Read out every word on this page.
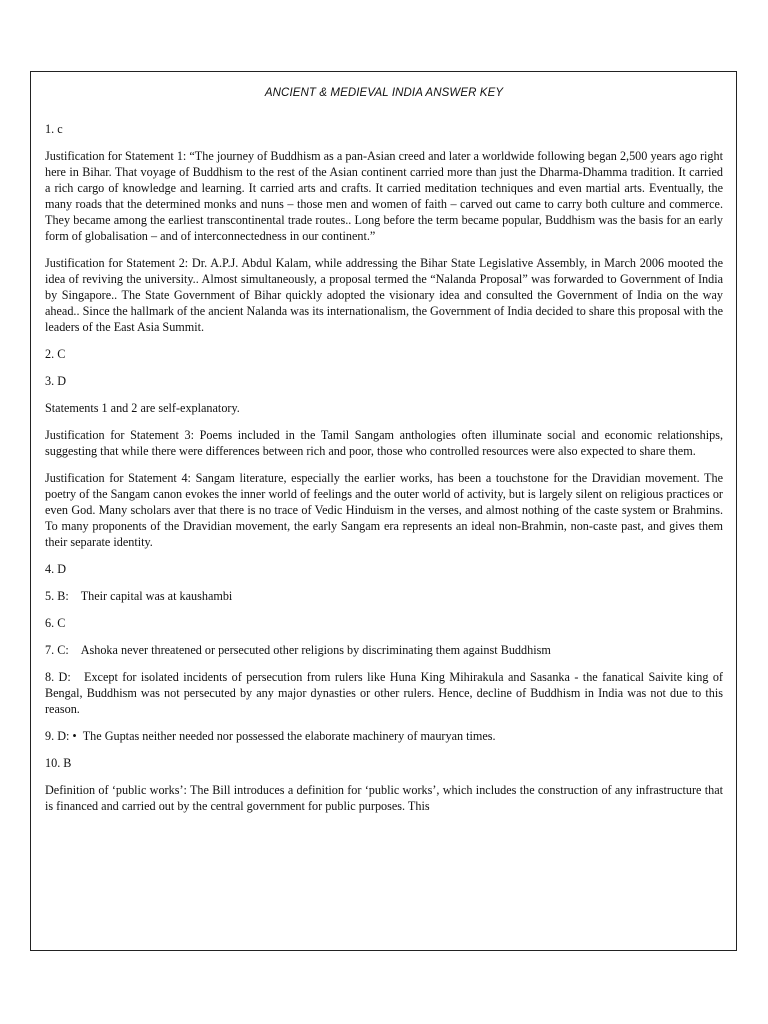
ANCIENT & MEDIEVAL INDIA ANSWER KEY
1. c
Justification for Statement 1: “The journey of Buddhism as a pan-Asian creed and later a worldwide following began 2,500 years ago right here in Bihar. That voyage of Buddhism to the rest of the Asian continent carried more than just the Dharma-Dhamma tradition. It carried a rich cargo of knowledge and learning. It carried arts and crafts. It carried meditation techniques and even martial arts. Eventually, the many roads that the determined monks and nuns – those men and women of faith – carved out came to carry both culture and commerce. They became among the earliest transcontinental trade routes.. Long before the term became popular, Buddhism was the basis for an early form of globalisation – and of interconnectedness in our continent.”
Justification for Statement 2: Dr. A.P.J. Abdul Kalam, while addressing the Bihar State Legislative Assembly, in March 2006 mooted the idea of reviving the university.. Almost simultaneously, a proposal termed the “Nalanda Proposal” was forwarded to Government of India by Singapore.. The State Government of Bihar quickly adopted the visionary idea and consulted the Government of India on the way ahead.. Since the hallmark of the ancient Nalanda was its internationalism, the Government of India decided to share this proposal with the leaders of the East Asia Summit.
2. C
3. D
Statements 1 and 2 are self-explanatory.
Justification for Statement 3: Poems included in the Tamil Sangam anthologies often illuminate social and economic relationships, suggesting that while there were differences between rich and poor, those who controlled resources were also expected to share them.
Justification for Statement 4: Sangam literature, especially the earlier works, has been a touchstone for the Dravidian movement. The poetry of the Sangam canon evokes the inner world of feelings and the outer world of activity, but is largely silent on religious practices or even God. Many scholars aver that there is no trace of Vedic Hinduism in the verses, and almost nothing of the caste system or Brahmins. To many proponents of the Dravidian movement, the early Sangam era represents an ideal non-Brahmin, non-caste past, and gives them their separate identity.
4. D
5. B: Their capital was at kaushambi
6. C
7. C: Ashoka never threatened or persecuted other religions by discriminating them against Buddhism
8. D:   Except for isolated incidents of persecution from rulers like Huna King Mihirakula and Sasanka - the fanatical Saivite king of Bengal, Buddhism was not persecuted by any major dynasties or other rulers. Hence, decline of Buddhism in India was not due to this reason.
9. D: • The Guptas neither needed nor possessed the elaborate machinery of mauryan times.
10. B
Definition of ‘public works’: The Bill introduces a definition for ‘public works’, which includes the construction of any infrastructure that is financed and carried out by the central government for public purposes. This
